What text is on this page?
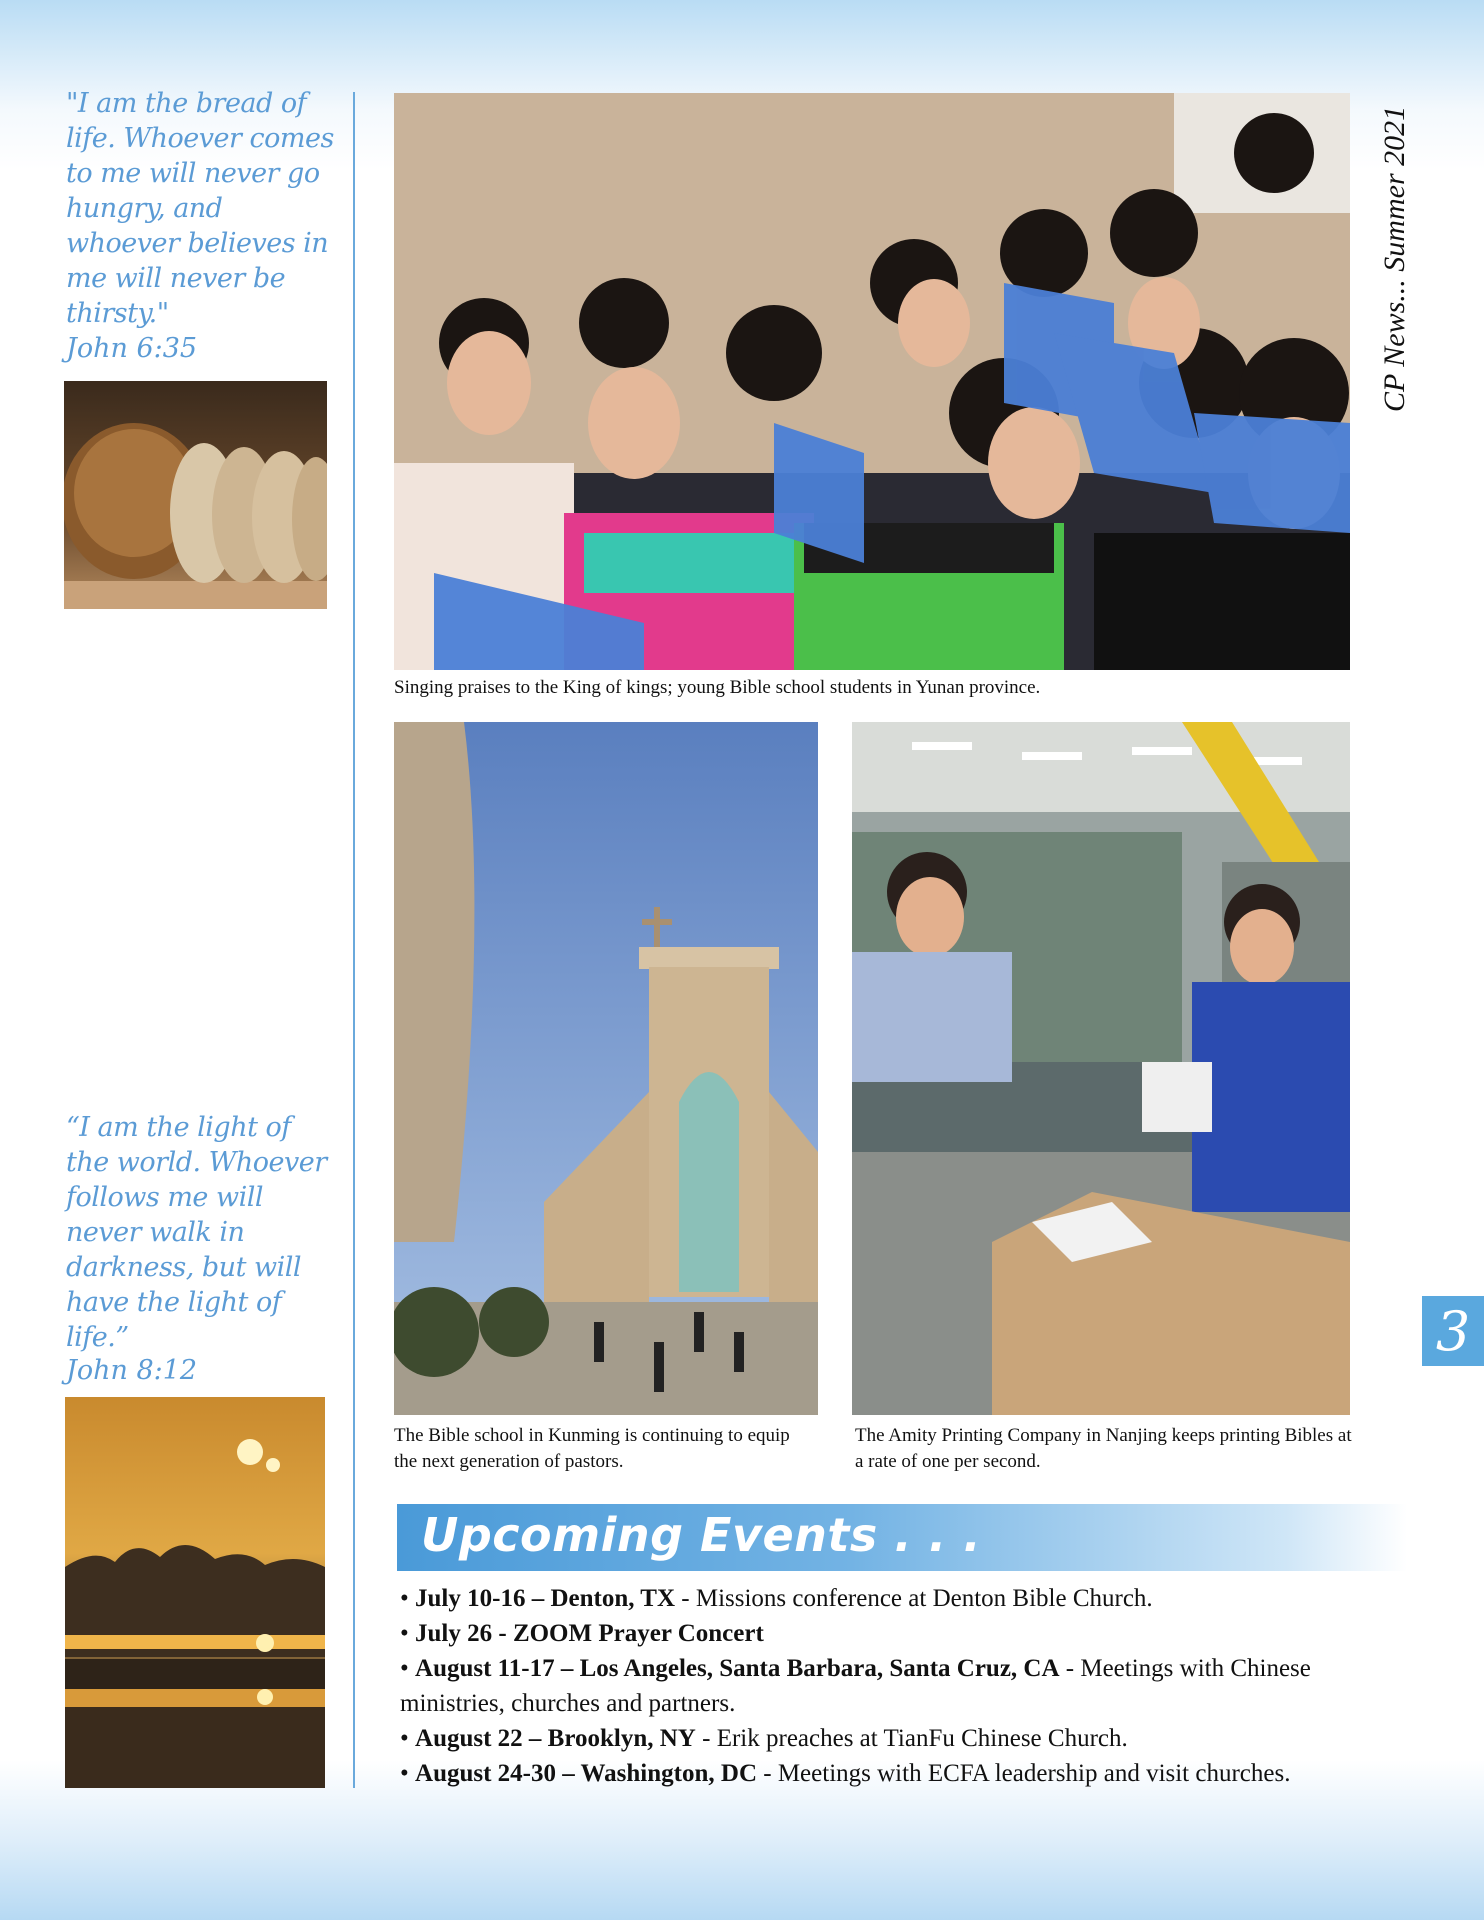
"I am the bread of life. Whoever comes to me will never go hungry, and whoever believes in me will never be thirsty."
John 6:35
“I am the light of the world. Whoever follows me will never walk in darkness, but will have the light of life.”
John 8:12
Singing praises to the King of kings; young Bible school students in Yunan province.
The Bible school in Kunming is continuing to equip the next generation of pastors.
The Amity Printing Company in Nanjing keeps printing Bibles at a rate of one per second.
CP News... Summer 2021
3
Upcoming Events . . .
• July 10-16 – Denton, TX - Missions conference at Denton Bible Church.
• July 26 - ZOOM Prayer Concert
• August 11-17 – Los Angeles, Santa Barbara, Santa Cruz, CA - Meetings with Chinese ministries, churches and partners.
• August 22 – Brooklyn, NY - Erik preaches at TianFu Chinese Church.
• August 24-30 – Washington, DC - Meetings with ECFA leadership and visit churches.
